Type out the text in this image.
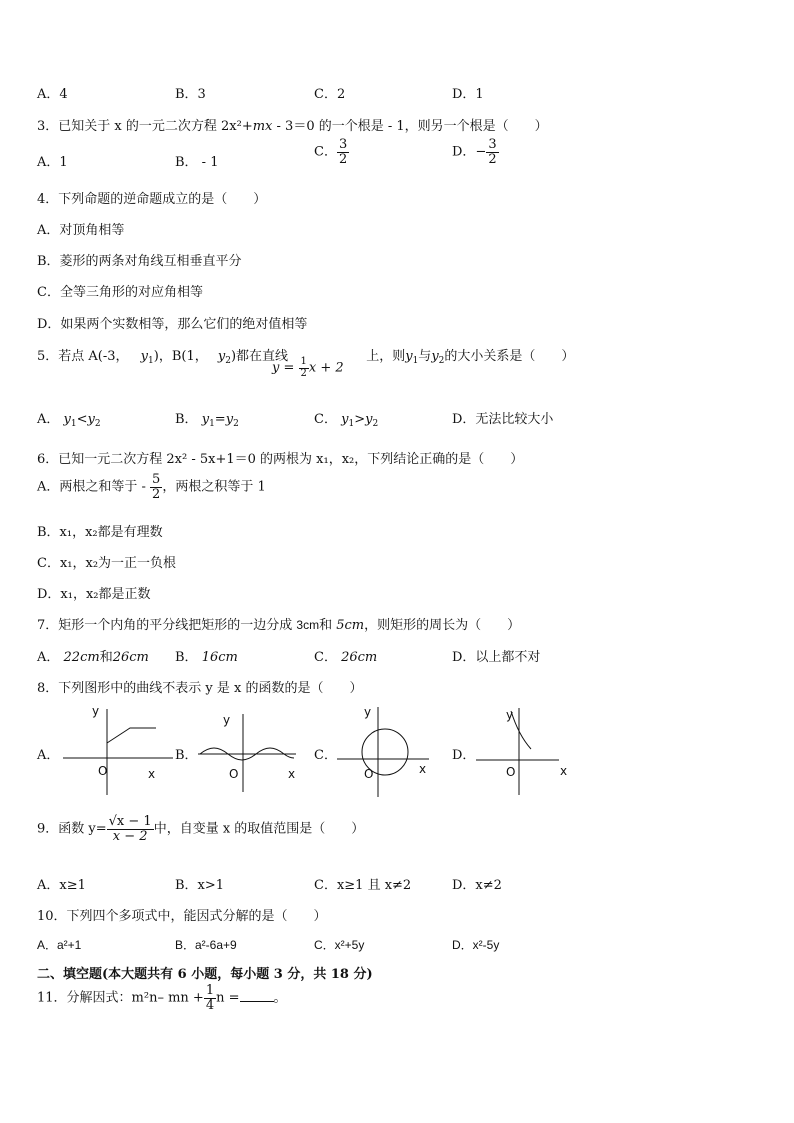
A．4	B．3	C．2	D．1
3．已知关于 x 的一元二次方程 2x²+mx - 3＝0 的一个根是 - 1，则另一个根是（　　）
A．1	B． - 1
C． $\frac{3}{2}$	D．− $\frac{3}{2}$
4．下列命题的逆命题成立的是（　　）
A．对顶角相等
B．菱形的两条对角线互相垂直平分
C．全等三角形的对应角相等
D．如果两个实数相等，那么它们的绝对值相等
5．若点 A(-3， $y_1$)，B(1， $y_2$)都在直线	上，则$y_1$与$y_2$的大小关系是（　　）
$y = \frac{1}{2}$ x + 2
A． $y_1<y_2$	B． $y_1=y_2$	C． $y_1>y_2$	D．无法比较大小
6．已知一元二次方程 2x² - 5x+1＝0 的两根为 x₁，x₂，下列结论正确的是（　　）
A．两根之和等于 - $\frac{5}{2}$ ，两根之积等于 1
B．x₁，x₂都是有理数
C．x₁，x₂为一正一负根
D．x₁，x₂都是正数
7．矩形一个内角的平分线把矩形的一边分成 3cm和 5cm，则矩形的周长为（　　）
A． 22cm和26cm B． 16cm	C． 26cm	D．以上都不对
8．下列图形中的曲线不表示 y 是 x 的函数的是（　　）
A．
y
O	x
B．
y
O	x
C．
y
O	x
D．
y
O	x
9．函数 $y= \frac{√x - 1}{x - 2}$ 中，自变量 x 的取值范围是（　　）
A．x≥1	B．x>1	C．x≥1 且 x≠2	D．x≠2
10．下列四个多项式中，能因式分解的是（　　）
A．a²+1	B．a²-6a+9	C．x²+5y	D．x²-5y
二、填空题(本大题共有 6 小题，每小题 3 分，共 18 分)
11．分解因式：m²n– mn + $\frac{1}{4}$ n =	。
